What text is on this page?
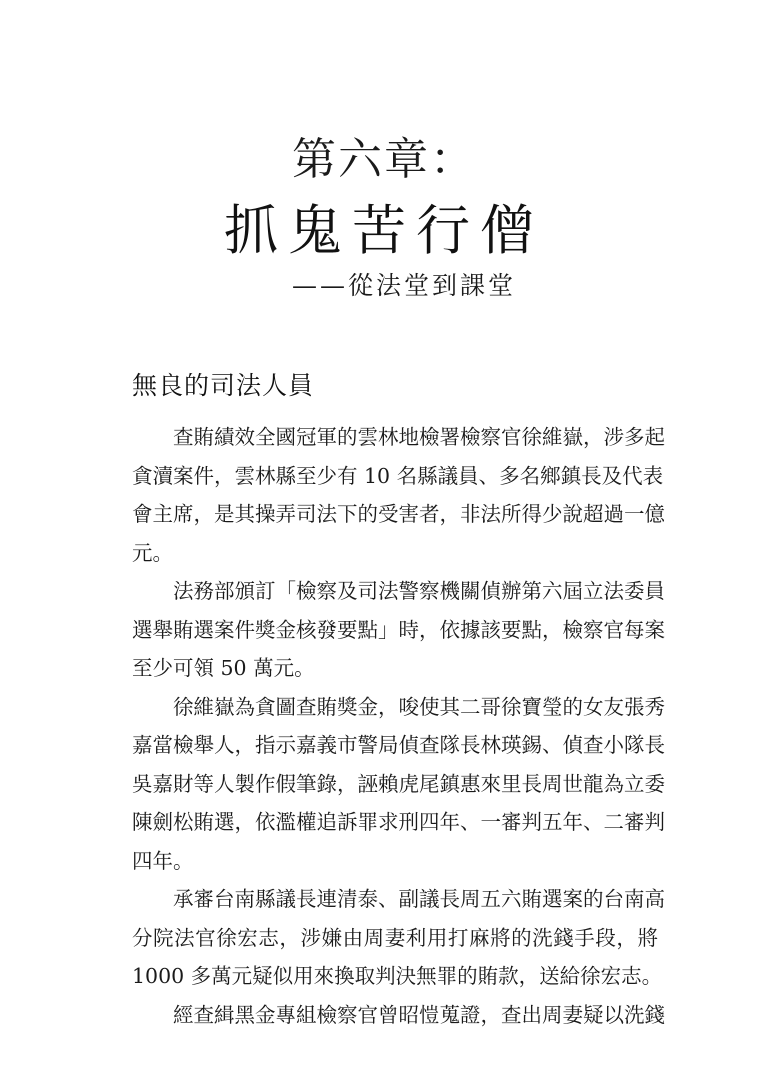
第六章：
抓鬼苦行僧
——從法堂到課堂
無良的司法人員
　　查賄績效全國冠軍的雲林地檢署檢察官徐維嶽，涉多起
貪瀆案件，雲林縣至少有 10 名縣議員、多名鄉鎮長及代表
會主席，是其操弄司法下的受害者，非法所得少說超過一億
元。
　　法務部頒訂「檢察及司法警察機關偵辦第六屆立法委員
選舉賄選案件獎金核發要點」時，依據該要點，檢察官每案
至少可領 50 萬元。
　　徐維嶽為貪圖查賄獎金，唆使其二哥徐寶瑩的女友張秀
嘉當檢舉人，指示嘉義市警局偵查隊長林瑛錫、偵查小隊長
吳嘉財等人製作假筆錄，誣賴虎尾鎮惠來里長周世龍為立委
陳劍松賄選，依濫權追訴罪求刑四年、一審判五年、二審判
四年。
　　承審台南縣議長連清泰、副議長周五六賄選案的台南高
分院法官徐宏志，涉嫌由周妻利用打麻將的洗錢手段，將
1000 多萬元疑似用來換取判決無罪的賄款，送給徐宏志。
　　經查緝黑金專組檢察官曾昭愷蒐證，查出周妻疑以洗錢
